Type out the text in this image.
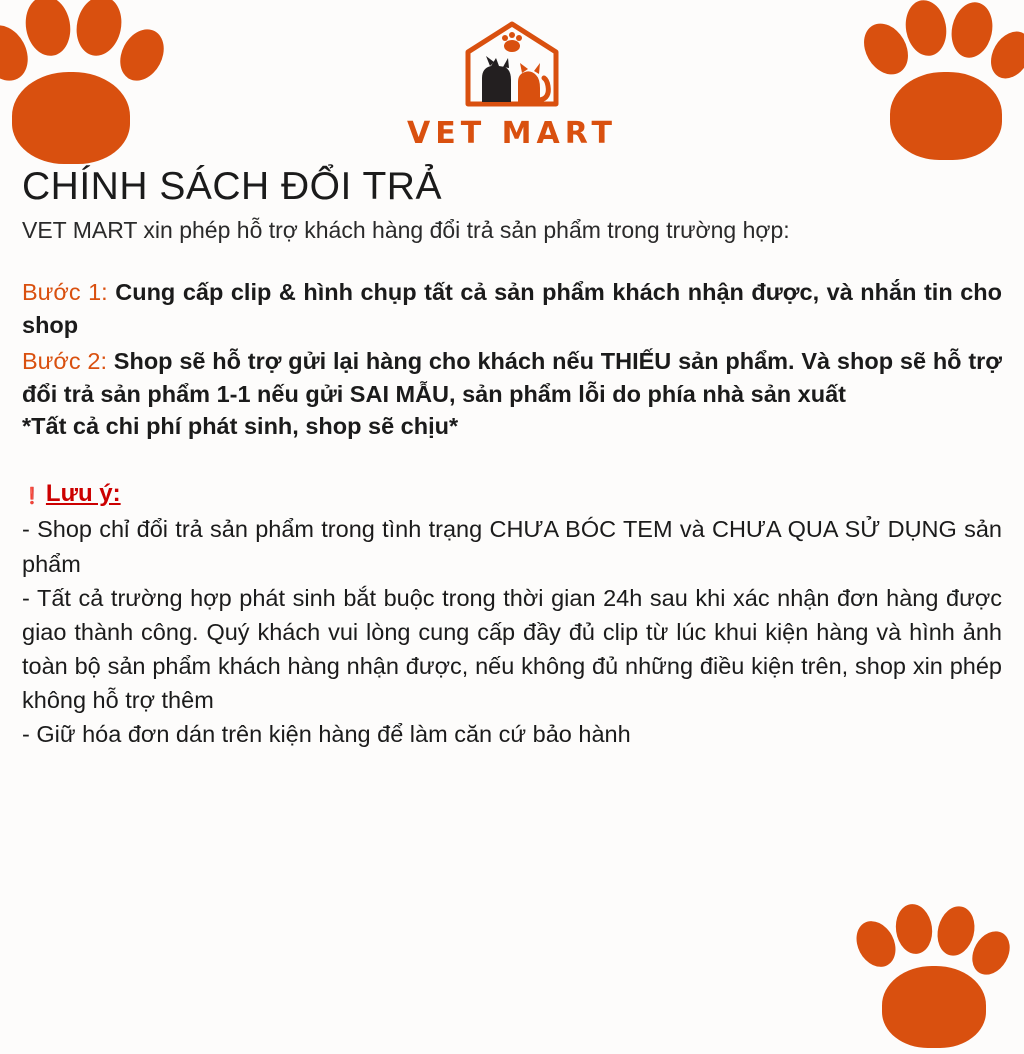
VET MART
CHÍNH SÁCH ĐỔI TRẢ

VET MART xin phép hỗ trợ khách hàng đổi trả sản phẩm trong trường hợp:

Bước 1: Cung cấp clip & hình chụp tất cả sản phẩm khách nhận được, và nhắn tin cho shop

Bước 2: Shop sẽ hỗ trợ gửi lại hàng cho khách nếu THIẾU sản phẩm. Và shop sẽ hỗ trợ đổi trả sản phẩm 1-1 nếu gửi SAI MẪU, sản phẩm lỗi do phía nhà sản xuất

*Tất cả chi phí phát sinh, shop sẽ chịu*

❗ Lưu ý:

- Shop chỉ đổi trả sản phẩm trong tình trạng CHƯA BÓC TEM và CHƯA QUA SỬ DỤNG sản phẩm

- Tất cả trường hợp phát sinh bắt buộc trong thời gian 24h sau khi xác nhận đơn hàng được giao thành công. Quý khách vui lòng cung cấp đầy đủ clip từ lúc khui kiện hàng và hình ảnh toàn bộ sản phẩm khách hàng nhận được, nếu không đủ những điều kiện trên, shop xin phép không hỗ trợ thêm

- Giữ hóa đơn dán trên kiện hàng để làm căn cứ bảo hành
